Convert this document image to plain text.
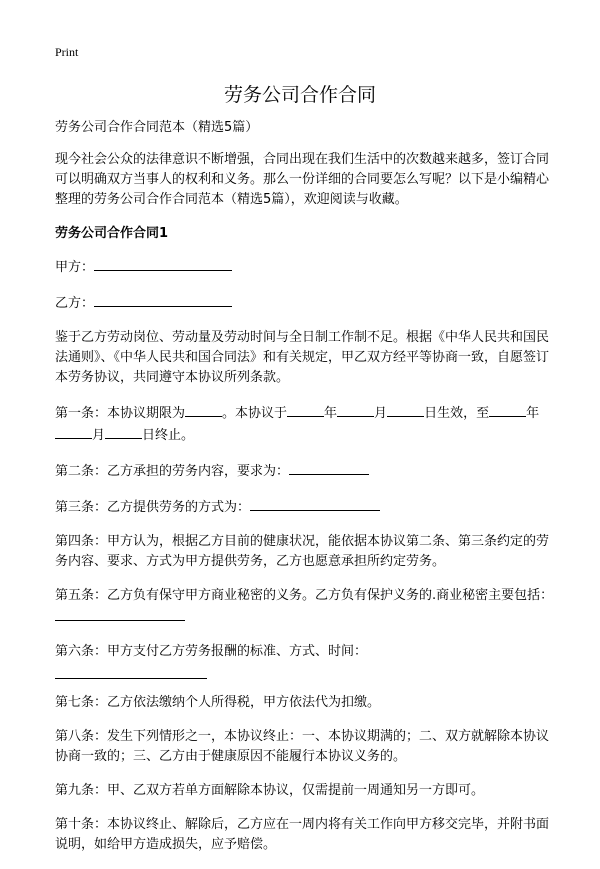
Print
劳务公司合作合同

劳务公司合作合同范本（精选5篇）

现今社会公众的法律意识不断增强，合同出现在我们生活中的次数越来越多，签订合同可以明确双方当事人的权利和义务。那么一份详细的合同要怎么写呢？以下是小编精心整理的劳务公司合作合同范本（精选5篇），欢迎阅读与收藏。

劳务公司合作合同1

甲方：

乙方：

鉴于乙方劳动岗位、劳动量及劳动时间与全日制工作制不足。根据《中华人民共和国民法通则》、《中华人民共和国合同法》和有关规定，甲乙双方经平等协商一致，自愿签订本劳务协议，共同遵守本协议所列条款。

第一条：本协议期限为	。本协议于	年	月	日生效，至	年月	日终止。

第二条：乙方承担的劳务内容，要求为：

第三条：乙方提供劳务的方式为：

第四条：甲方认为，根据乙方目前的健康状况，能依据本协议第二条、第三条约定的劳务内容、要求、方式为甲方提供劳务，乙方也愿意承担所约定劳务。

第五条：乙方负有保守甲方商业秘密的义务。乙方负有保护义务的.商业秘密主要包括：

第六条：甲方支付乙方劳务报酬的标准、方式、时间：

第七条：乙方依法缴纳个人所得税，甲方依法代为扣缴。

第八条：发生下列情形之一，本协议终止：一、本协议期满的；二、双方就解除本协议协商一致的；三、乙方由于健康原因不能履行本协议义务的。

第九条：甲、乙双方若单方面解除本协议，仅需提前一周通知另一方即可。

第十条：本协议终止、解除后，乙方应在一周内将有关工作向甲方移交完毕，并附书面说明，如给甲方造成损失，应予赔偿。
